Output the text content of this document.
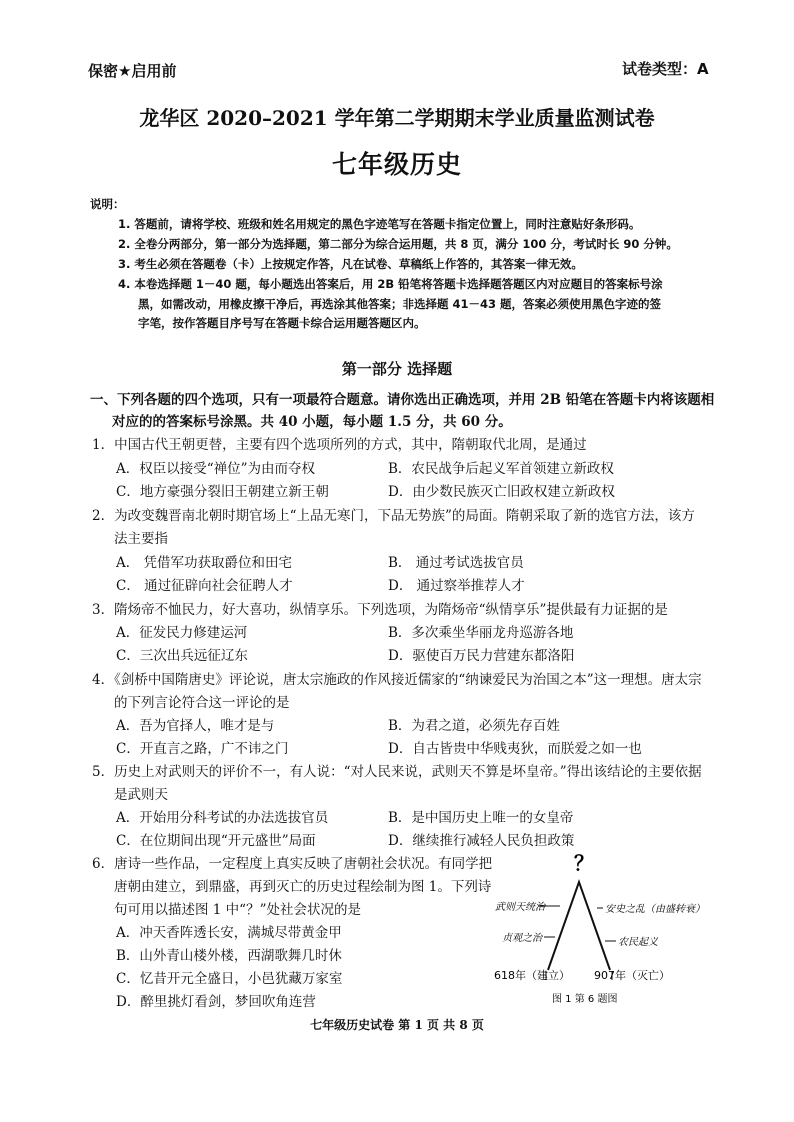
保密★启用前	试卷类型：A
龙华区 2020–2021 学年第二学期期末学业质量监测试卷
七年级历史
说明：
1. 答题前，请将学校、班级和姓名用规定的黑色字迹笔写在答题卡指定位置上，同时注意贴好条形码。
2. 全卷分两部分，第一部分为选择题，第二部分为综合运用题，共 8 页，满分 100 分，考试时长 90 分钟。
3. 考生必须在答题卷（卡）上按规定作答，凡在试卷、草稿纸上作答的，其答案一律无效。
4. 本卷选择题 1－40 题，每小题选出答案后，用 2B 铅笔将答题卡选择题答题区内对应题目的答案标号涂
黑，如需改动，用橡皮擦干净后，再选涂其他答案；非选择题 41－43 题，答案必须使用黑色字迹的签
字笔，按作答题目序号写在答题卡综合运用题答题区内。
第一部分 选择题
一、下列各题的四个选项，只有一项最符合题意。请你选出正确选项，并用 2B 铅笔在答题卡内将该题相
对应的的答案标号涂黑。共 40 小题，每小题 1.5 分，共 60 分。
1．中国古代王朝更替，主要有四个选项所列的方式，其中，隋朝取代北周，是通过
A．权臣以接受“禅位”为由而夺权	B．农民战争后起义军首领建立新政权
C．地方豪强分裂旧王朝建立新王朝	D．由少数民族灭亡旧政权建立新政权
2．为改变魏晋南北朝时期官场上“上品无寒门，下品无势族”的局面。隋朝采取了新的选官方法，该方
法主要指
A． 凭借军功获取爵位和田宅	B． 通过考试选拔官员
C． 通过征辟向社会征聘人才	D． 通过察举推荐人才
3．隋炀帝不恤民力，好大喜功，纵情享乐。下列选项，为隋炀帝“纵情享乐”提供最有力证据的是
A．征发民力修建运河	B．多次乘坐华丽龙舟巡游各地
C．三次出兵远征辽东	D．驱使百万民力营建东都洛阳
4．《剑桥中国隋唐史》评论说，唐太宗施政的作风接近儒家的“纳谏爱民为治国之本”这一理想。唐太宗
的下列言论符合这一评论的是
A．吾为官择人，唯才是与	B．为君之道，必须先存百姓
C．开直言之路，广不讳之门	D．自古皆贵中华贱夷狄，而朕爱之如一也
5．历史上对武则天的评价不一，有人说：“对人民来说，武则天不算是坏皇帝。”得出该结论的主要依据
是武则天
A．开始用分科考试的办法选拔官员	B．是中国历史上唯一的女皇帝
C．在位期间出现“开元盛世”局面	D．继续推行减轻人民负担政策
6．唐诗一些作品，一定程度上真实反映了唐朝社会状况。有同学把
唐朝由建立，到鼎盛，再到灭亡的历史过程绘制为图 1。下列诗
句可用以描述图 1 中“？”处社会状况的是
A．冲天香阵透长安，满城尽带黄金甲
B．山外青山楼外楼，西湖歌舞几时休
C．忆昔开元全盛日，小邑犹藏万家室
D．醉里挑灯看剑，梦回吹角连营
？
武则天统治
贞观之治
安史之乱（由盛转衰）
农民起义
618年（建立） 907年（灭亡）
图 1 第 6 题图
七年级历史试卷 第 1 页 共 8 页
